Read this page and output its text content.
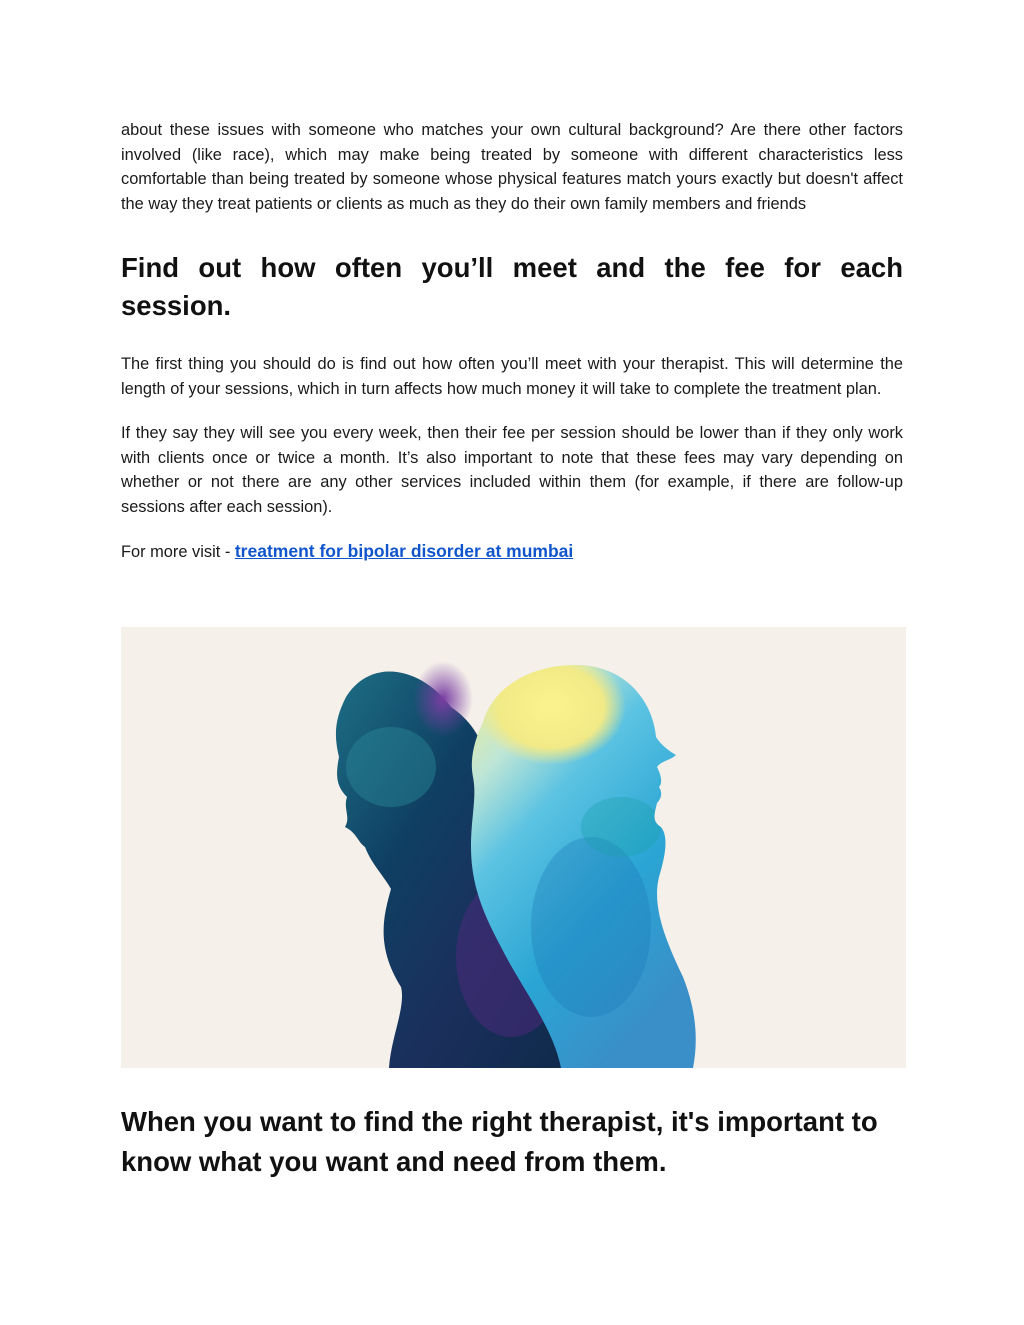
about these issues with someone who matches your own cultural background? Are there other factors involved (like race), which may make being treated by someone with different characteristics less comfortable than being treated by someone whose physical features match yours exactly but doesn't affect the way they treat patients or clients as much as they do their own family members and friends

Find out how often you’ll meet and the fee for each session.

The first thing you should do is find out how often you’ll meet with your therapist. This will determine the length of your sessions, which in turn affects how much money it will take to complete the treatment plan.

If they say they will see you every week, then their fee per session should be lower than if they only work with clients once or twice a month. It’s also important to note that these fees may vary depending on whether or not there are any other services included within them (for example, if there are follow-up sessions after each session).

For more visit - treatment for bipolar disorder at mumbai
When you want to find the right therapist, it's important to know what you want and need from them.
